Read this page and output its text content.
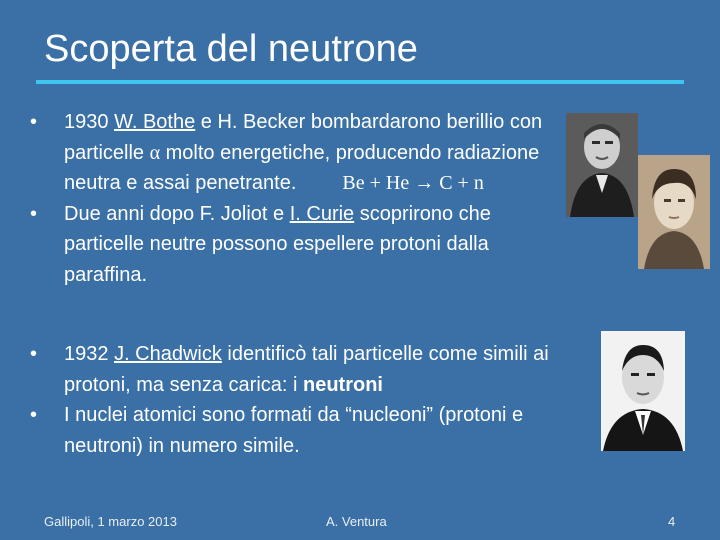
Scoperta del neutrone

• 1930 W. Bothe e H. Becker bombardarono berillio con particelle α molto energetiche, producendo radiazione neutra e assai penetrante. Be + He → C + n

• Due anni dopo F. Joliot e I. Curie scoprirono che particelle neutre possono espellere protoni dalla paraffina.

• 1932 J. Chadwick identificò tali particelle come simili ai protoni, ma senza carica: i neutroni

• I nuclei atomici sono formati da “nucleoni” (protoni e neutroni) in numero simile.

Gallipoli, 1 marzo 2013	A. Ventura	4
